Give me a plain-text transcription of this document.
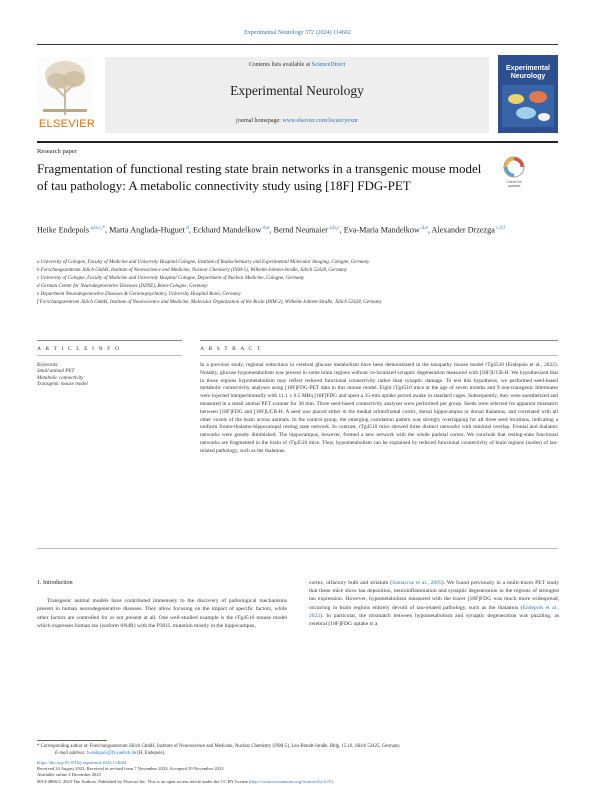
Experimental Neurology 372 (2024) 114602
ELSEVIER
Contents lists available at ScienceDirect
Experimental Neurology
journal homepage: www.elsevier.com/locate/yexnr
Experimental
Neurology
Research paper
Fragmentation of functional resting state brain networks in a transgenic mouse model of tau pathology: A metabolic connectivity study using [18F] FDG-PET	Check for
updates
Heike Endepols $^{a,b,c,*}$, Marta Anglada-Huguet $^d$, Eckhard Mandelkow $^{d,e}$, Bernd Neumaier $^{a,b,c}$, Eva-Maria Mandelkow $^{d,e}$, Alexander Drzezga $^{c,f,f}$
a University of Cologne, Faculty of Medicine and University Hospital Cologne, Institute of Radiochemistry and Experimental Molecular Imaging, Cologne, Germany
b Forschungszentrum Jülich GmbH, Institute of Neuroscience and Medicine, Nuclear Chemistry (INM-5), Wilhelm-Johnen-Straße, Jülich 52428, Germany
c University of Cologne, Faculty of Medicine and University Hospital Cologne, Department of Nuclear Medicine, Cologne, Germany
d German Center for Neurodegenerative Diseases (DZNE), Bonn-Cologne, Germany
e Department Neurodegenerative Diseases & Gerontopsychiatry, University Hospital Bonn, Germany
f Forschungszentrum Jülich GmbH, Institute of Neuroscience and Medicine, Molecular Organization of the Brain (INM-2), Wilhelm-Johnen-Straße, Jülich 52428, Germany
A R T I C L E I N F O	A B S T R A C T
Keywords:
Small animal PET
Metabolic connectivity
Transgenic mouse model
In a previous study, regional reductions in cerebral glucose metabolism have been demonstrated in the tauopathy mouse model rTg4510 (Endepols et al., 2022). Notably, glucose hypometabolism was present in some brain regions without co-localized synaptic degeneration measured with [18F]UCB-H. We hypothesized that in those regions hypometabolism may reflect reduced functional connectivity rather than synaptic damage. To test this hypothesis, we performed seed-based metabolic connectivity analyses using [18F]FDG-PET data in this mouse model. Eight rTg4510 mice at the age of seven months and 9 non-transgenic littermates were injected intraperitoneally with 11.1 ± 0.5 MBq [18F]FDG and spent a 35-min uptake period awake in standard cages. Subsequently, they were anesthetized and measured in a small animal PET scanner for 30 min. Three seed-based connectivity analyses were performed per group. Seeds were selected for apparent mismatch between [18F]FDG and [18F]UCB-H. A seed was placed either in the medial orbitofrontal cortex, dorsal hippocampus or dorsal thalamus, and correlated with all other voxels of the brain across animals. In the control group, the emerging correlation pattern was strongly overlapping for all three seed locations, indicating a uniform fronto-thalamo-hippocampal resting state network. In contrast, rTg4510 mice showed three distinct networks with minimal overlap. Frontal and thalamic networks were greatly diminished. The hippocampus, however, formed a new network with the whole parietal cortex. We conclude that resting-state functional networks are fragmented in the brain of rTg4510 mice. Thus, hypometabolism can be explained by reduced functional connectivity of brain regions (nodes) of tau-related pathology, such as the thalamus.
1. Introduction
Transgenic animal models have contributed immensely to the discovery of pathological mechanisms present in human neurodegenerative diseases. They allow focusing on the impact of specific factors, while other factors are controlled for or not present at all. One well-studied example is the rTg4510 mouse model which expresses human tau (isoform 0N4R) with the P301L mutation mostly in the hippocampus,
cortex, olfactory bulb and striatum (Santacruz et al., 2005). We found previously in a multi-tracer PET study that these mice show tau deposition, neuroinflammation and synaptic degeneration in the regions of strongest tau expression. However, hypometabolism measured with the tracer [18F]FDG was much more widespread, occurring in brain regions entirely devoid of tau-related pathology, such as the thalamus (Endepols et al., 2022). In particular, the mismatch between hypometabolism and synaptic degeneration was puzzling, as cerebral [18F]FDG uptake is a
* Corresponding author at: Forschungszentrum Jülich GmbH, Institute of Neuroscience and Medicine, Nuclear Chemistry (INM-5), Leo-Brandt-Straße, Bldg. 15.16, Jülich 52425, Germany.
E-mail address: h.endepols@fz-juelich.de (H. Endepols).
https://doi.org/10.1016/j.expneurol.2023.114602
Received 24 August 2023; Received in revised form 7 November 2023; Accepted 29 November 2023
Available online 2 December 2023
0014-4886/© 2023 The Authors. Published by Elsevier Inc. This is an open access article under the CC BY license (http://creativecommons.org/licenses/by/4.0/).
